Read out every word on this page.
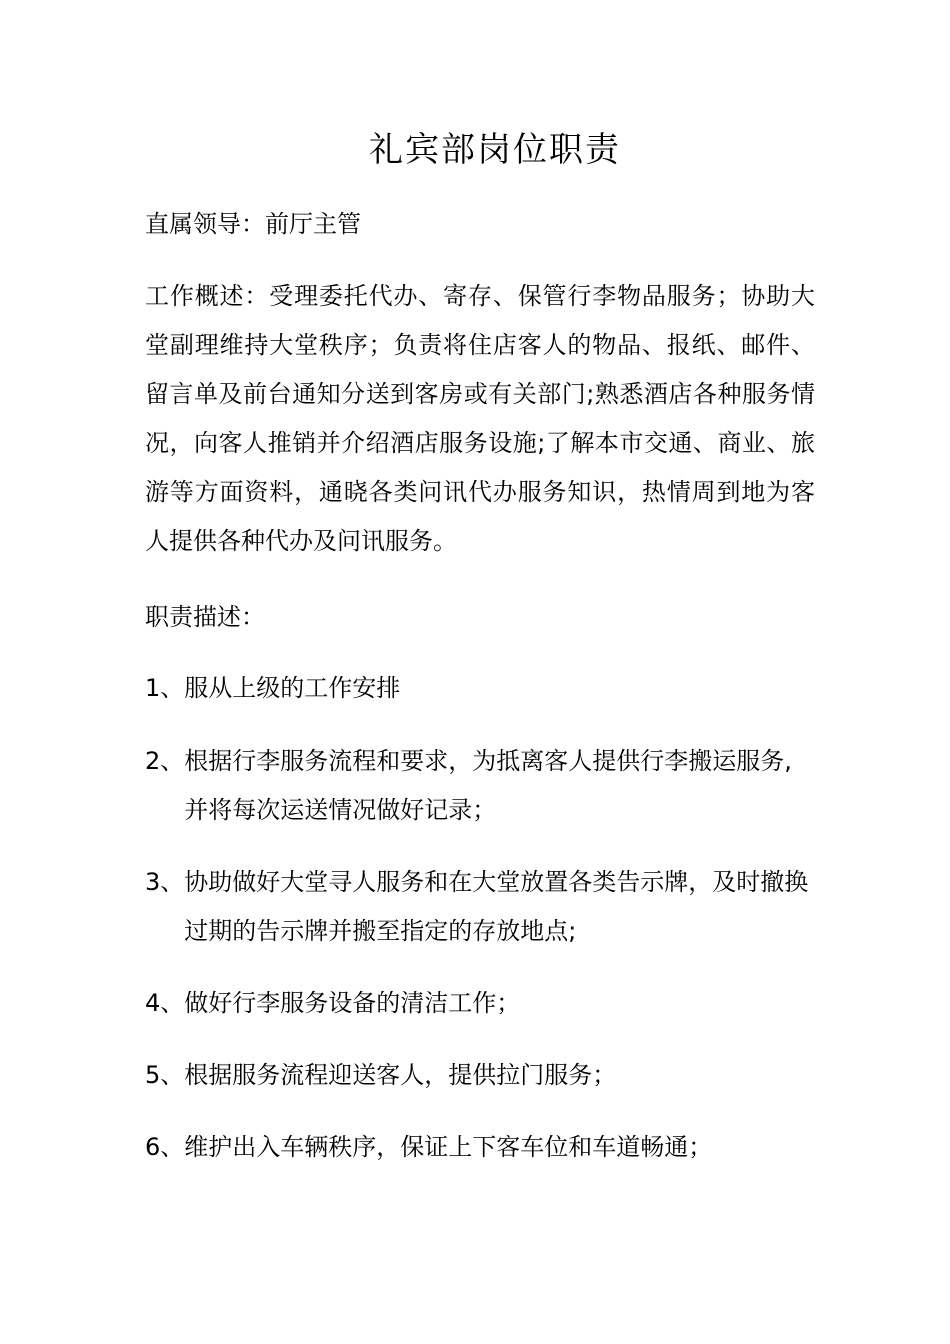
礼宾部岗位职责
直属领导：前厅主管
工作概述：受理委托代办、寄存、保管行李物品服务；协助大堂副理维持大堂秩序；负责将住店客人的物品、报纸、邮件、留言单及前台通知分送到客房或有关部门;熟悉酒店各种服务情况，向客人推销并介绍酒店服务设施;了解本市交通、商业、旅游等方面资料，通晓各类问讯代办服务知识，热情周到地为客人提供各种代办及问讯服务。
职责描述：
1、 服从上级的工作安排
2、 根据行李服务流程和要求，为抵离客人提供行李搬运服务,并将每次运送情况做好记录；
3、 协助做好大堂寻人服务和在大堂放置各类告示牌，及时撤换过期的告示牌并搬至指定的存放地点;
4、 做好行李服务设备的清洁工作；
5、 根据服务流程迎送客人，提供拉门服务；
6、 维护出入车辆秩序，保证上下客车位和车道畅通；
